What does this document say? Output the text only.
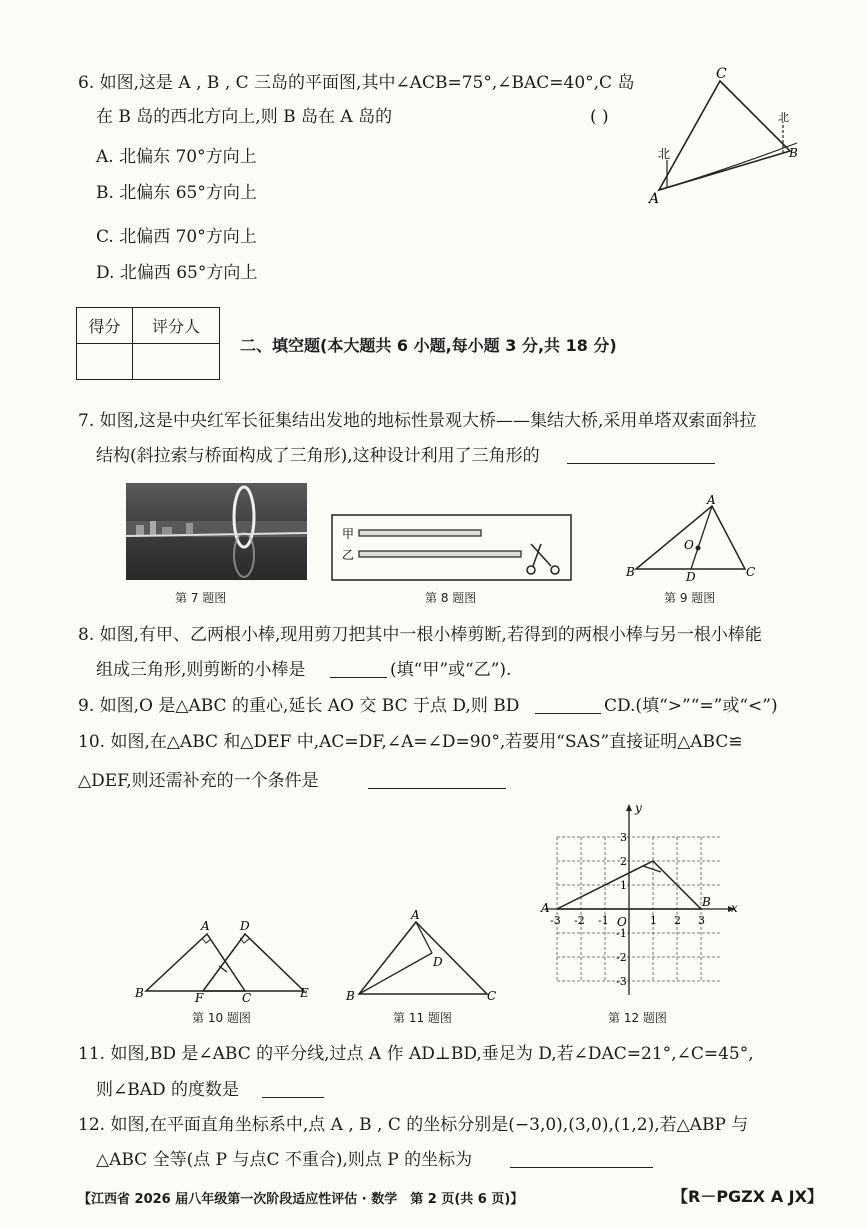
6. 如图,这是 A , B , C 三岛的平面图,其中∠ACB=75°,∠BAC=40°,C 岛
在 B 岛的西北方向上,则 B 岛在 A 岛的	( )
A. 北偏东 70°方向上
B. 北偏东 65°方向上
C. 北偏西 70°方向上
D. 北偏西 65°方向上
C
A
B
北
北
得分	评分人

二、填空题(本大题共 6 小题,每小题 3 分,共 18 分)
7. 如图,这是中央红军长征集结出发地的地标性景观大桥——集结大桥,采用单塔双索面斜拉
结构(斜拉索与桥面构成了三角形),这种设计利用了三角形的
甲
乙
A
B	C
D
O
第 7 题图	第 8 题图	第 9 题图
8. 如图,有甲、乙两根小棒,现用剪刀把其中一根小棒剪断,若得到的两根小棒与另一根小棒能
组成三角形,则剪断的小棒是	(填“甲”或“乙”).
9. 如图,O 是△ABC 的重心,延长 AO 交 BC 于点 D,则 BD	CD.(填“>”“=”或“<”)
10. 如图,在△ABC 和△DEF 中,AC=DF,∠A=∠D=90°,若要用“SAS”直接证明△ABC≌
△DEF,则还需补充的一个条件是
A	D
B	F	C	E
A
D
B	C
y
x
O
A	B
-3 -2 -1	1 2 3
3
2
1
-1
-2
-3
第 10 题图	第 11 题图	第 12 题图
11. 如图,BD 是∠ABC 的平分线,过点 A 作 AD⊥BD,垂足为 D,若∠DAC=21°,∠C=45°,
则∠BAD 的度数是
12. 如图,在平面直角坐标系中,点 A , B , C 的坐标分别是(−3,0),(3,0),(1,2),若△ABP 与
△ABC 全等(点 P 与点C 不重合),则点 P 的坐标为
【江西省 2026 届八年级第一次阶段适应性评估 · 数学　第 2 页(共 6 页)】	【R－PGZX A JX】
